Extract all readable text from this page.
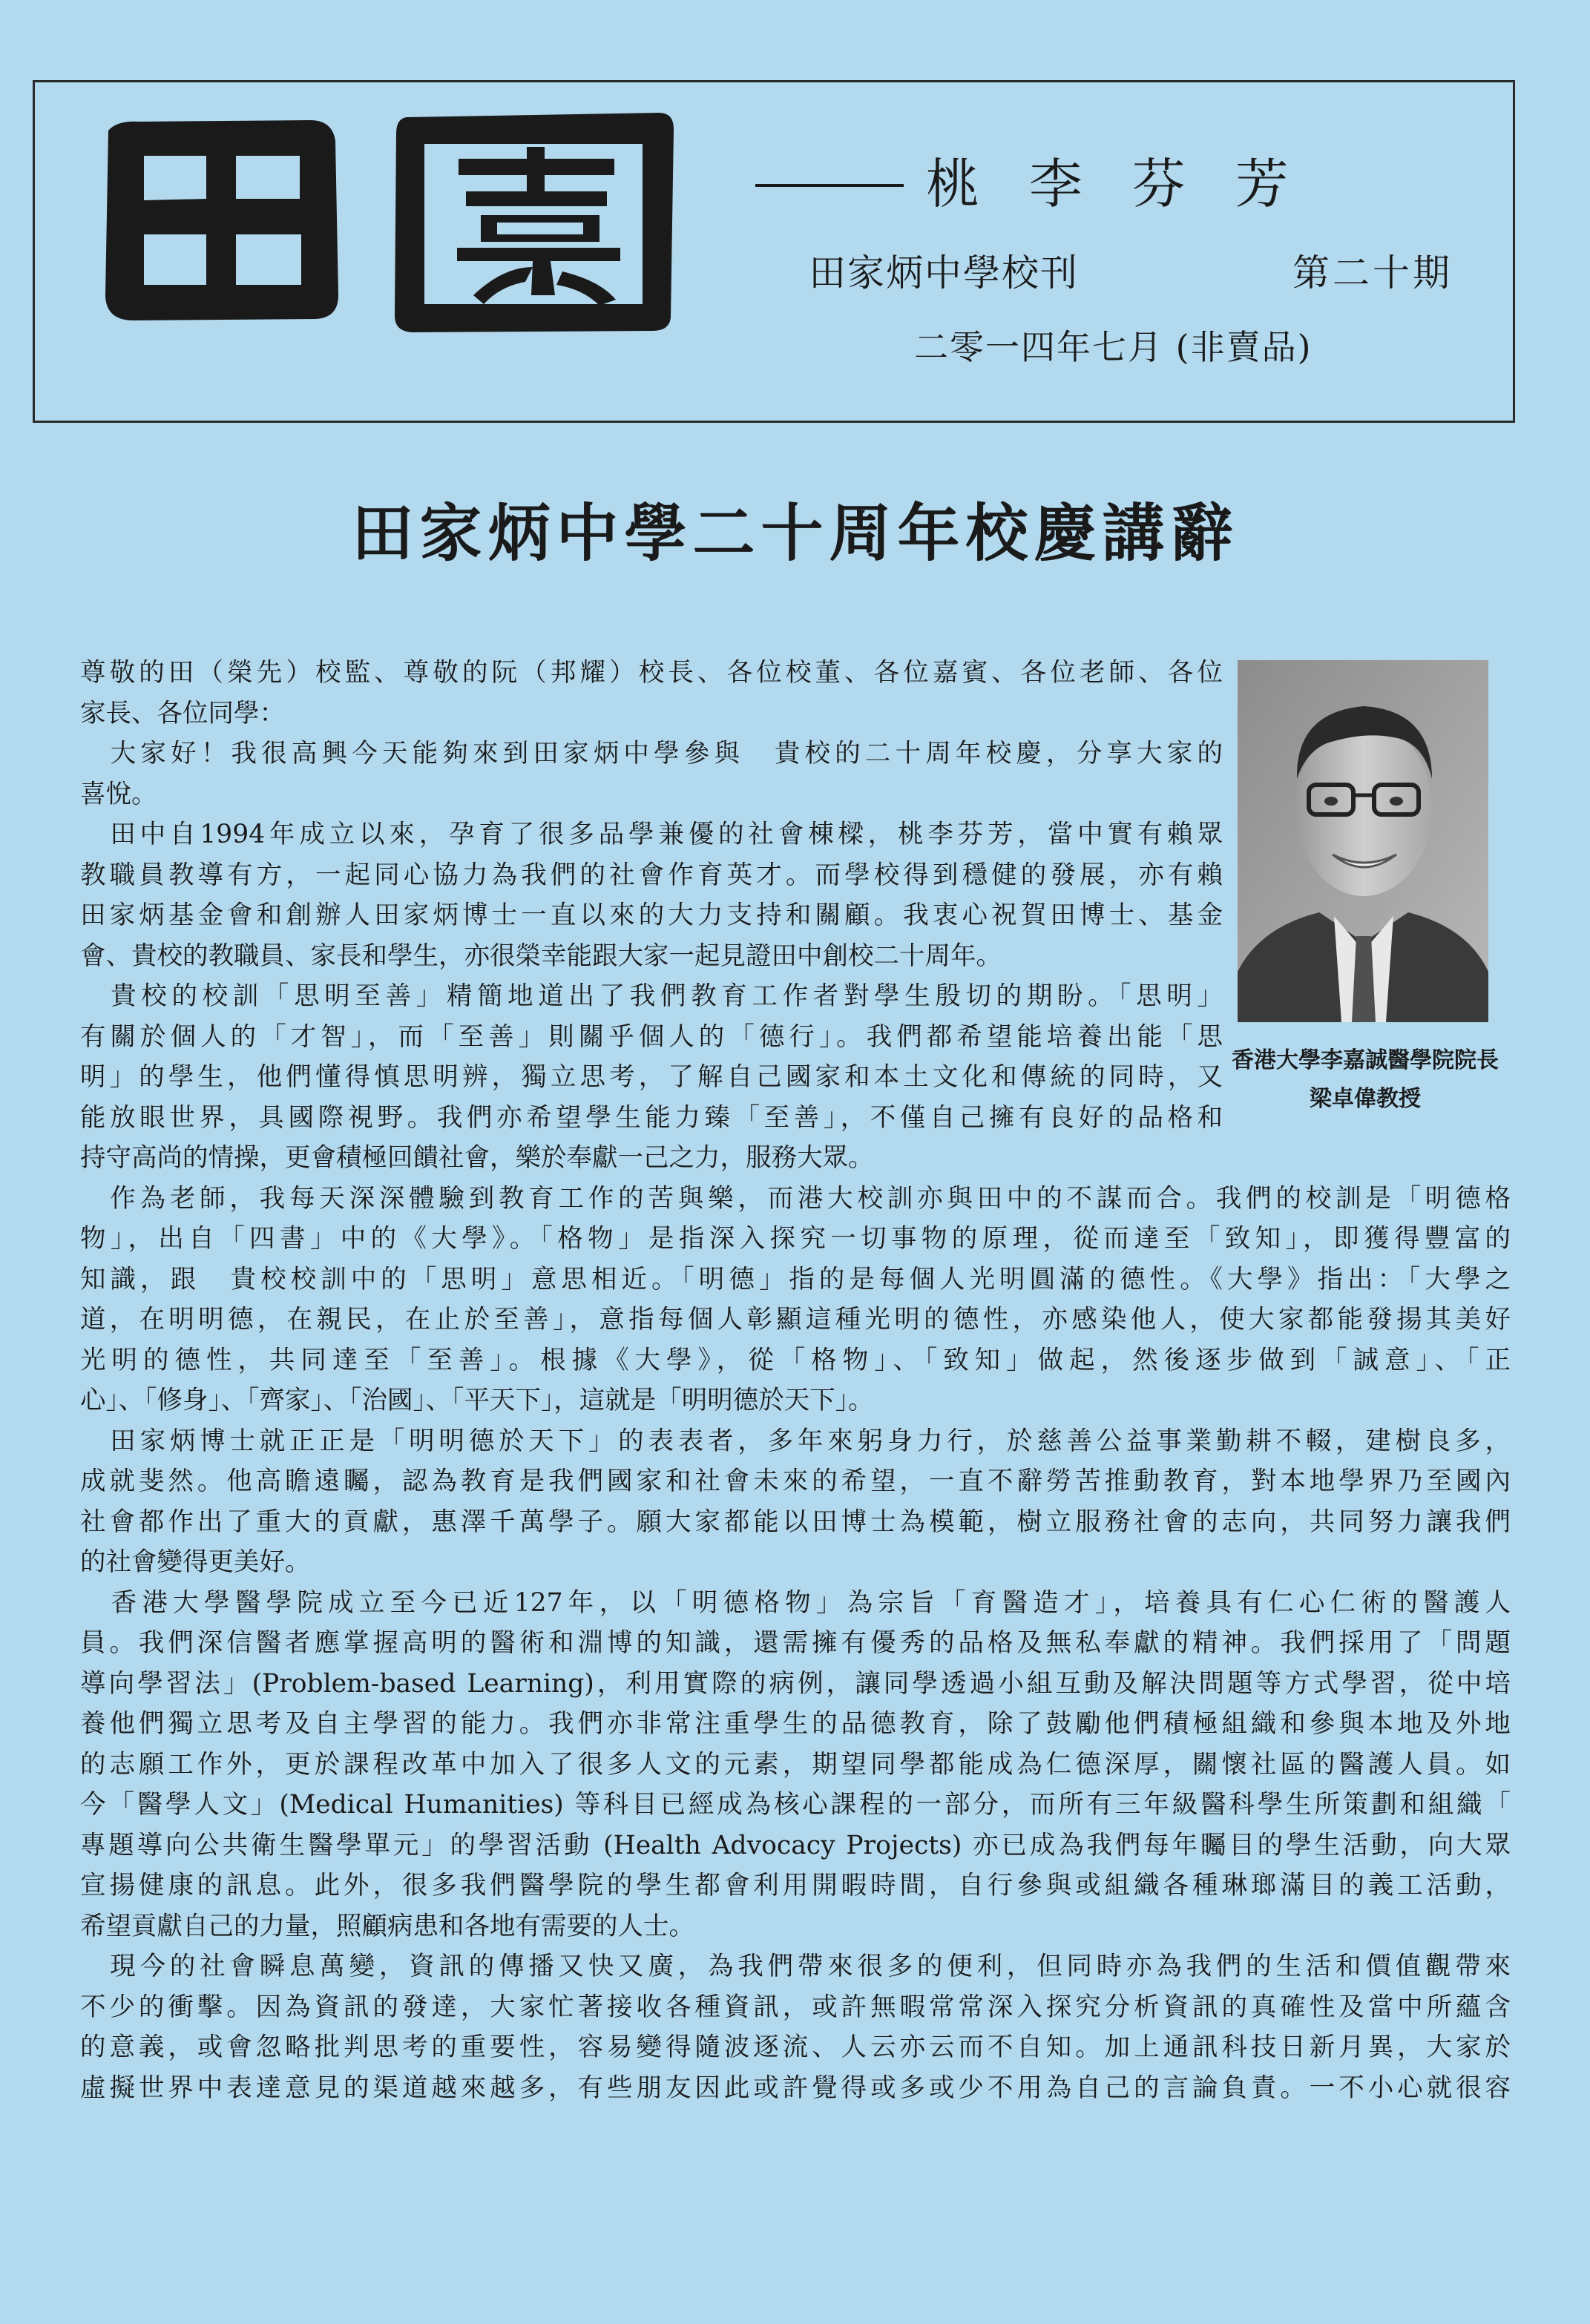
桃 李 芬 芳
田家炳中學校刊	第二十期
二零一四年七月 (非賣品)
田家炳中學二十周年校慶講辭
香港大學李嘉誠醫學院院長
梁卓偉教授
尊敬的田（榮先）校監、尊敬的阮（邦耀）校長、各位校董、各位嘉賓、各位老師、各位
家長、各位同學：
　大家好！我很高興今天能夠來到田家炳中學參與　貴校的二十周年校慶，分享大家的
喜悅。
　田中自1994年成立以來，孕育了很多品學兼優的社會棟樑，桃李芬芳，當中實有賴眾
教職員教導有方，一起同心協力為我們的社會作育英才。而學校得到穩健的發展，亦有賴
田家炳基金會和創辦人田家炳博士一直以來的大力支持和關顧。我衷心祝賀田博士、基金
會、貴校的教職員、家長和學生，亦很榮幸能跟大家一起見證田中創校二十周年。
　貴校的校訓「思明至善」精簡地道出了我們教育工作者對學生殷切的期盼。「思明」
有關於個人的「才智」，而「至善」則關乎個人的「德行」。我們都希望能培養出能「思
明」的學生，他們懂得慎思明辨，獨立思考，了解自己國家和本土文化和傳統的同時，又
能放眼世界，具國際視野。我們亦希望學生能力臻「至善」，不僅自己擁有良好的品格和
持守高尚的情操，更會積極回饋社會，樂於奉獻一己之力，服務大眾。
　作為老師，我每天深深體驗到教育工作的苦與樂，而港大校訓亦與田中的不謀而合。我們的校訓是「明德格
物」，出自「四書」中的《大學》。「格物」是指深入探究一切事物的原理，從而達至「致知」，即獲得豐富的
知識，跟　貴校校訓中的「思明」意思相近。「明德」指的是每個人光明圓滿的德性。《大學》指出：「大學之
道，在明明德，在親民，在止於至善」，意指每個人彰顯這種光明的德性，亦感染他人，使大家都能發揚其美好
光明的德性，共同達至「至善」。根據《大學》，從「格物」、「致知」做起，然後逐步做到「誠意」、「正
心」、「修身」、「齊家」、「治國」、「平天下」，這就是「明明德於天下」。
　田家炳博士就正正是「明明德於天下」的表表者，多年來躬身力行，於慈善公益事業勤耕不輟，建樹良多，
成就斐然。他高瞻遠矚，認為教育是我們國家和社會未來的希望，一直不辭勞苦推動教育，對本地學界乃至國內
社會都作出了重大的貢獻，惠澤千萬學子。願大家都能以田博士為模範，樹立服務社會的志向，共同努力讓我們
的社會變得更美好。
　香港大學醫學院成立至今已近127年，以「明德格物」為宗旨「育醫造才」，培養具有仁心仁術的醫護人
員。我們深信醫者應掌握高明的醫術和淵博的知識，還需擁有優秀的品格及無私奉獻的精神。我們採用了「問題
導向學習法」(Problem-based Learning)，利用實際的病例，讓同學透過小組互動及解決問題等方式學習，從中培
養他們獨立思考及自主學習的能力。我們亦非常注重學生的品德教育，除了鼓勵他們積極組織和參與本地及外地
的志願工作外，更於課程改革中加入了很多人文的元素，期望同學都能成為仁德深厚，關懷社區的醫護人員。如
今「醫學人文」(Medical Humanities) 等科目已經成為核心課程的一部分，而所有三年級醫科學生所策劃和組織「
專題導向公共衛生醫學單元」的學習活動 (Health Advocacy Projects) 亦已成為我們每年矚目的學生活動，向大眾
宣揚健康的訊息。此外，很多我們醫學院的學生都會利用開暇時間，自行參與或組織各種琳瑯滿目的義工活動，
希望貢獻自己的力量，照顧病患和各地有需要的人士。
　現今的社會瞬息萬變，資訊的傳播又快又廣，為我們帶來很多的便利，但同時亦為我們的生活和價值觀帶來
不少的衝擊。因為資訊的發達，大家忙著接收各種資訊，或許無暇常常深入探究分析資訊的真確性及當中所蘊含
的意義，或會忽略批判思考的重要性，容易變得隨波逐流、人云亦云而不自知。加上通訊科技日新月異，大家於
虛擬世界中表達意見的渠道越來越多，有些朋友因此或許覺得或多或少不用為自己的言論負責。一不小心就很容
